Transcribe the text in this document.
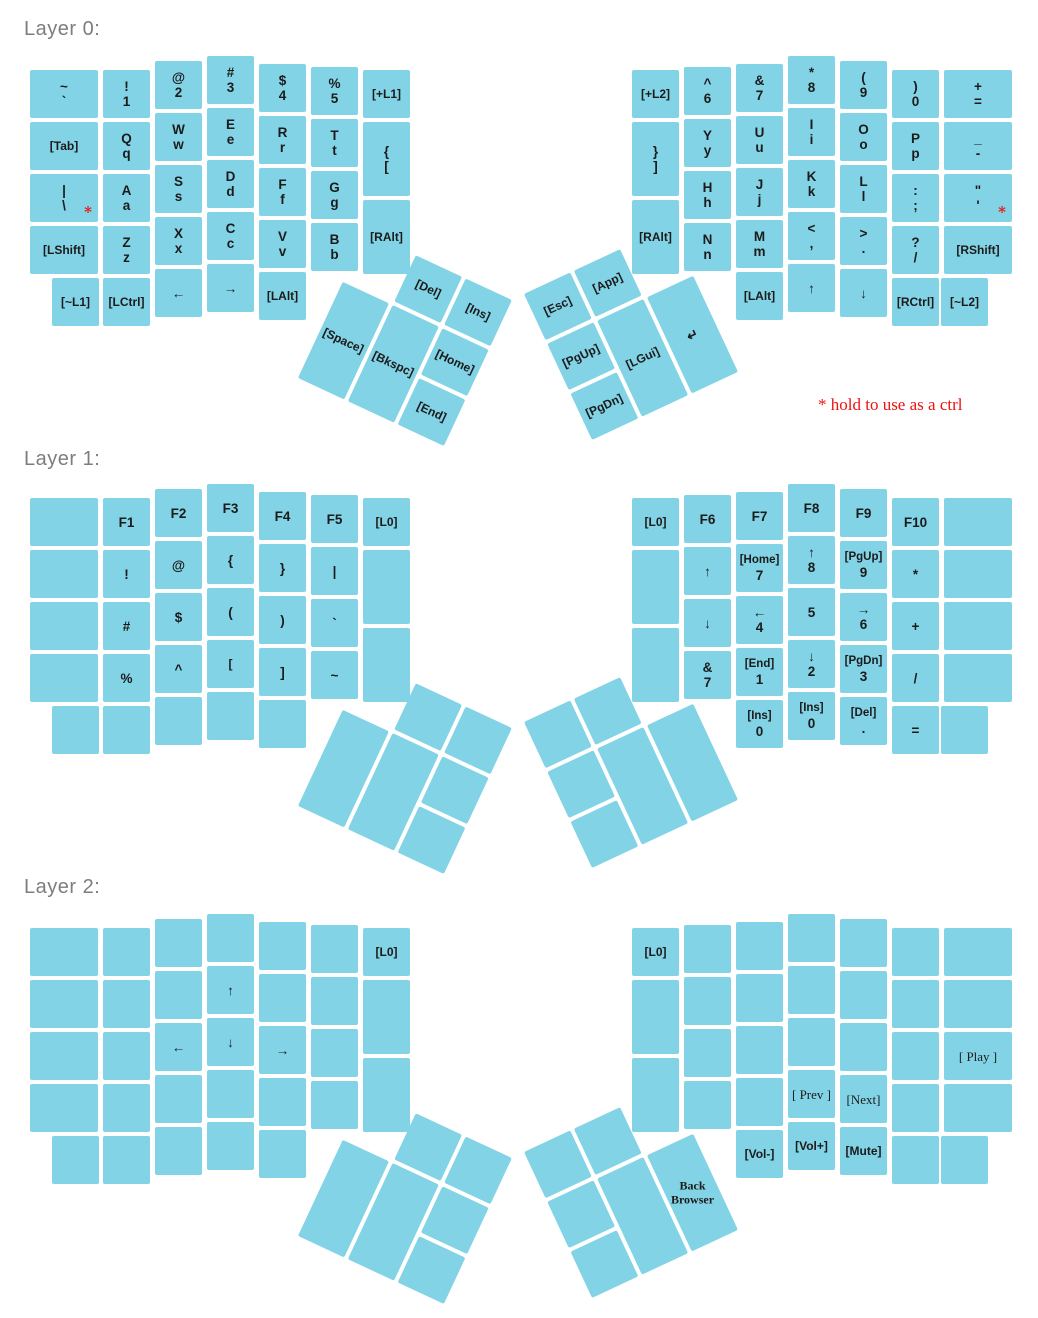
Layer 0:
Layer 1:
Layer 2:
* hold to use as a ctrl
~
`
!
1
@
2
#
3	$
4
%
5	[+L1]
[Tab]	Q
q
W
w
E
e	R
r
T
t	{
[
|
\ *
A
a
S
s
D
d	F
f
G
g
[RAlt]
[LShift]	Z
z
X
x
C
c	V
v
B
b
[~L1] [LCtrl]
←	→ [LAlt]
[+L2]
^
6
&
7
*
8
(
9	)
0
+
=
}
]
Y
y
U
u
I
i
O
o	P
p
_
-
[RAlt]
H
h
J
j
K
k
L
l	:
;
"
' *
N
n
M
m
<
,
>
.	?
/
[RShift]
[LAlt] ↑	↓
[RCtrl] [~L2]
[Del]
[Ins]
[Space]
[Bkspc] [Home]
[End]
[Esc]
[App]
[PgUp]
[PgDn]
[LGui]
↵
F1
F2	F3
F4	F5	[L0]
!
@	{
}	|
#
$	(
)	`
%
^	[
]	~
[L0] F6	F7
F8	F9
F10
↑
[Home]
7
↑
8
[PgUp]
9	*
↓
←
4
5	→
6	+
&
7
[End]
1
↓
2
[PgDn]
3	/
[Ins]
0
[Ins]
0
[Del]
.	=
[L0]
↑
←	↓
→
[L0]
[ Play ]
[ Prev ] [Next]
[Vol-]
[Vol+] [Mute]
Back
Browser
